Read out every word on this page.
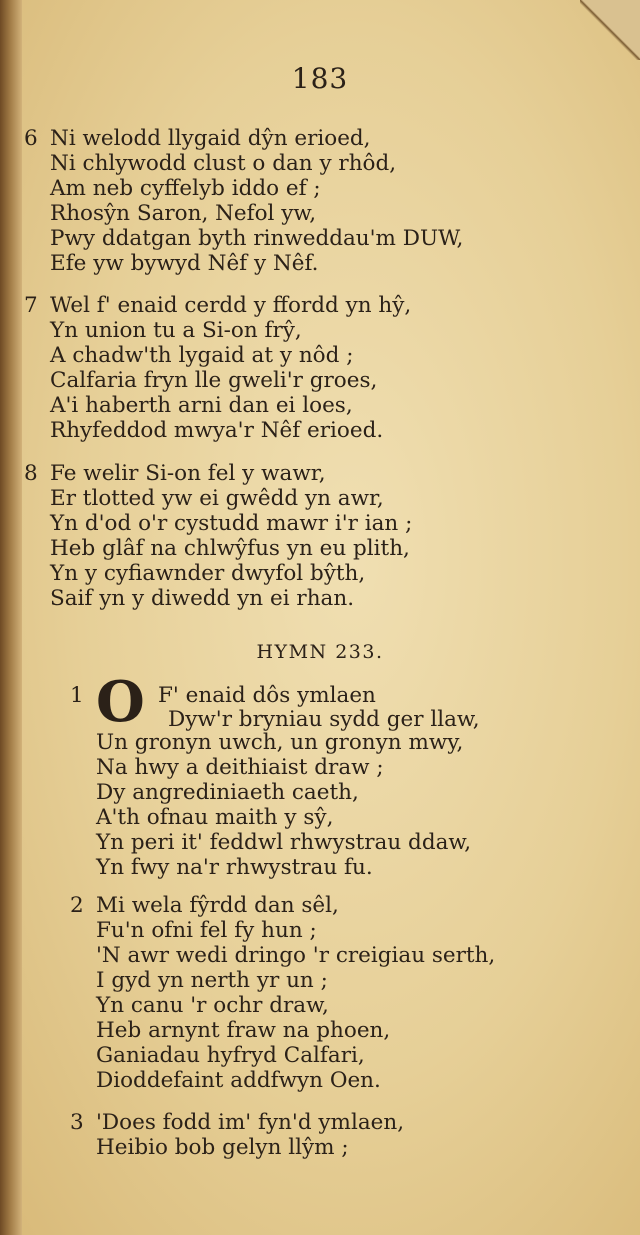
183
6 Ni welodd llygaid dŷn erioed,
Ni chlywodd clust o dan y rhôd,
Am neb cyffelyb iddo ef ;
Rhosŷn Saron, Nefol yw,
Pwy ddatgan byth rinweddau'm DUW,
Efe yw bywyd Nêf y Nêf.
7 Wel f' enaid cerdd y ffordd yn hŷ,
Yn union tu a Si-on frŷ,
A chadw'th lygaid at y nôd ;
Calfaria fryn lle gweli'r groes,
A'i haberth arni dan ei loes,
Rhyfeddod mwya'r Nêf erioed.
8 Fe welir Si-on fel y wawr,
Er tlotted yw ei gwêdd yn awr,
Yn d'od o'r cystudd mawr i'r ian ;
Heb glâf na chlwŷfus yn eu plith,
Yn y cyfiawnder dwyfol bŷth,
Saif yn y diwedd yn ei rhan.
HYMN 233.
1 O F' enaid dôs ymlaen
Dyw'r bryniau sydd ger llaw,
Un gronyn uwch, un gronyn mwy,
Na hwy a deithiaist draw ;
Dy angrediniaeth caeth,
A'th ofnau maith y sŷ,
Yn peri it' feddwl rhwystrau ddaw,
Yn fwy na'r rhwystrau fu.
2 Mi wela fŷrdd dan sêl,
Fu'n ofni fel fy hun ;
'N awr wedi dringo 'r creigiau serth,
I gyd yn nerth yr un ;
Yn canu 'r ochr draw,
Heb arnynt fraw na phoen,
Ganiadau hyfryd Calfari,
Dioddefaint addfwyn Oen.
3 'Does fodd im' fyn'd ymlaen,
Heibio bob gelyn llŷm ;
